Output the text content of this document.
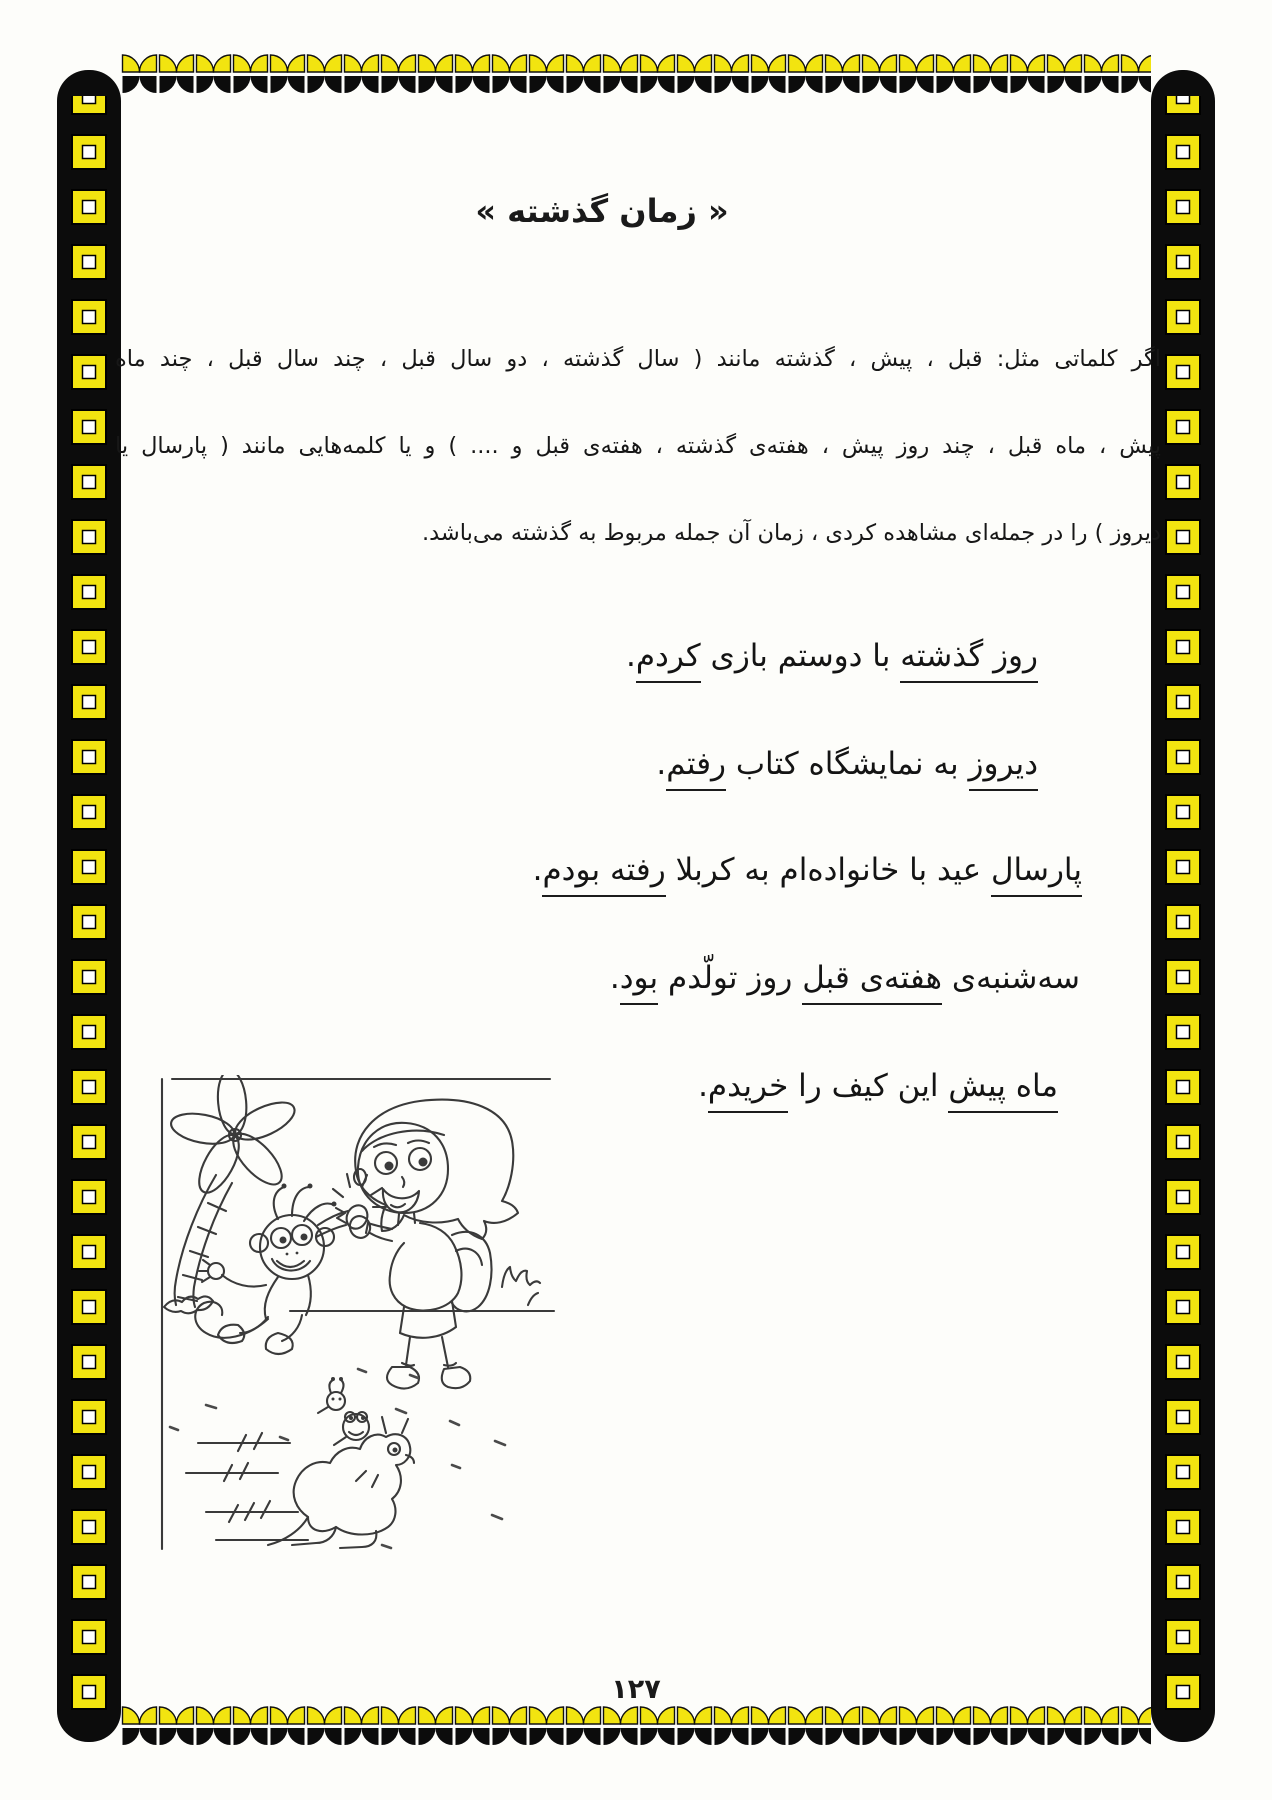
« زمان گذشته »
اگر کلماتی مثل: قبل ، پیش ، گذشته مانند ( سال گذشته ، دو سال قبل ، چند سال قبل ، چند ماه
پیش ، ماه قبل ، چند روز پیش ، هفته‌ی گذشته ، هفته‌ی قبل و .... ) و یا کلمه‌هایی مانند ( پارسال یا
دیروز ) را در جمله‌ای مشاهده کردی ، زمان آن جمله مربوط به گذشته می‌باشد.
روز گذشته با دوستم بازی کردم.
دیروز به نمایشگاه کتاب رفتم.
پارسال عید با خانواده‌ام به کربلا رفته بودم.
سه‌شنبه‌ی هفته‌ی قبل روز تولّدم بود.
ماه پیش این کیف را خریدم.
۱۲۷
